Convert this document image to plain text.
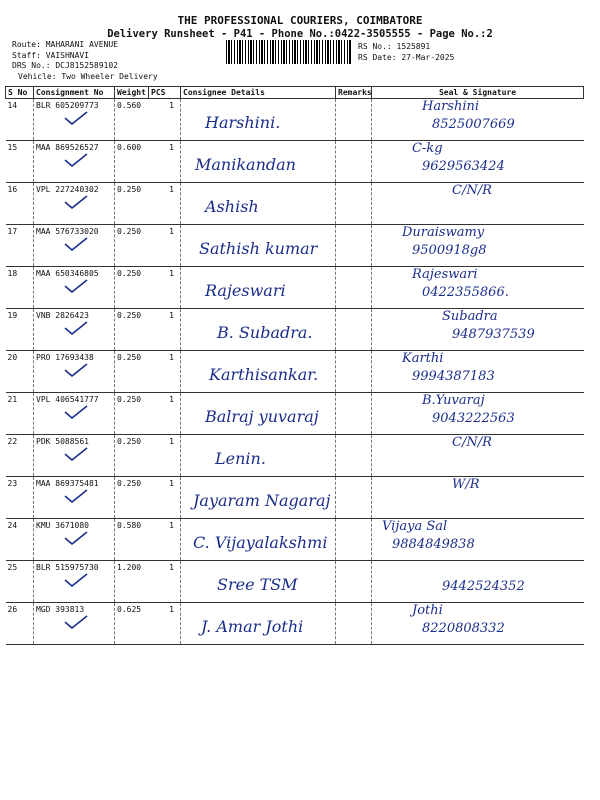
THE PROFESSIONAL COURIERS, COIMBATORE
Delivery Runsheet - P41 - Phone No.:0422-3505555 - Page No.:2
Route: MAHARANI AVENUE
Staff: VAISHNAVI
DRS No.: DCJ8152589102
Vehicle: Two Wheeler Delivery
RS No.: 1525891
RS Date: 27-Mar-2025
S No	Consignment No	Weight	PCS	Consignee Details	Remarks	Seal & Signature
14	BLR 605209773	0.560	1	Harshini.		Harshini
8525007669

15	MAA 869526527	0.600	1	Manikandan		C-kg
9629563424

16	VPL 227240302	0.250	1	Ashish		C/N/R

17	MAA 576733020	0.250	1	Sathish kumar		Duraiswamy
9500918g8

18	MAA 650346805	0.250	1	Rajeswari		Rajeswari
0422355866.

19	VNB 2826423	0.250	1	B. Subadra.		Subadra
9487937539

20	PRO 17693438	0.250	1	Karthisankar.		Karthi
9994387183

21	VPL 406541777	0.250	1	Balraj yuvaraj		B.Yuvaraj
9043222563

22	PDK 5088561	0.250	1	Lenin.		C/N/R

23	MAA 869375481	0.250	1	Jayaram Nagaraj		W/R

24	KMU 3671080	0.580	1	C. Vijayalakshmi		Vijaya Sal
9884849838

25	BLR 515975730	1.200	1	Sree TSM		9442524352

26	MGD 393813	0.625	1	J. Amar Jothi		Jothi
8220808332
